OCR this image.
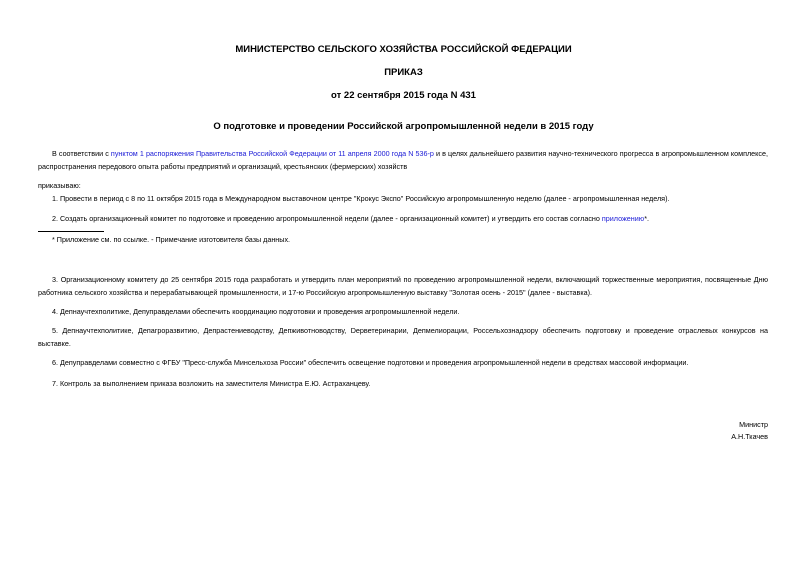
МИНИСТЕРСТВО СЕЛЬСКОГО ХОЗЯЙСТВА РОССИЙСКОЙ ФЕДЕРАЦИИ
ПРИКАЗ
от 22 сентября 2015 года N 431
О подготовке и проведении Российской агропромышленной недели в 2015 году

В соответствии с пунктом 1 распоряжения Правительства Российской Федерации от 11 апреля 2000 года N 536-р и в целях дальнейшего развития научно-технического прогресса в агропромышленном комплексе, распространения передового опыта работы предприятий и организаций, крестьянских (фермерских) хозяйств

приказываю:

1. Провести в период с 8 по 11 октября 2015 года в Международном выставочном центре "Крокус Экспо" Российскую агропромышленную неделю (далее - агропромышленная неделя).

2. Создать организационный комитет по подготовке и проведению агропромышленной недели (далее - организационный комитет) и утвердить его состав согласно приложению*.

* Приложение см. по ссылке. - Примечание изготовителя базы данных.

3. Организационному комитету до 25 сентября 2015 года разработать и утвердить план мероприятий по проведению агропромышленной недели, включающий торжественные мероприятия, посвященные Дню работника сельского хозяйства и перерабатывающей промышленности, и 17-ю Российскую агропромышленную выставку "Золотая осень - 2015" (далее - выставка).

4. Депнаучтехполитике, Депуправделами обеспечить координацию подготовки и проведения агропромышленной недели.

5. Депнаучтехполитике, Депагроразвитию, Депрастениеводству, Депживотноводству, Depветеринарии, Депмелиорации, Россельхознадзору обеспечить подготовку и проведение отраслевых конкурсов на выставке.

6. Депуправделами совместно с ФГБУ "Пресс-служба Минсельхоза России" обеспечить освещение подготовки и проведения агропромышленной недели в средствах массовой информации.

7. Контроль за выполнением приказа возложить на заместителя Министра Е.Ю. Астраханцеву.

Министр
А.Н.Ткачев
